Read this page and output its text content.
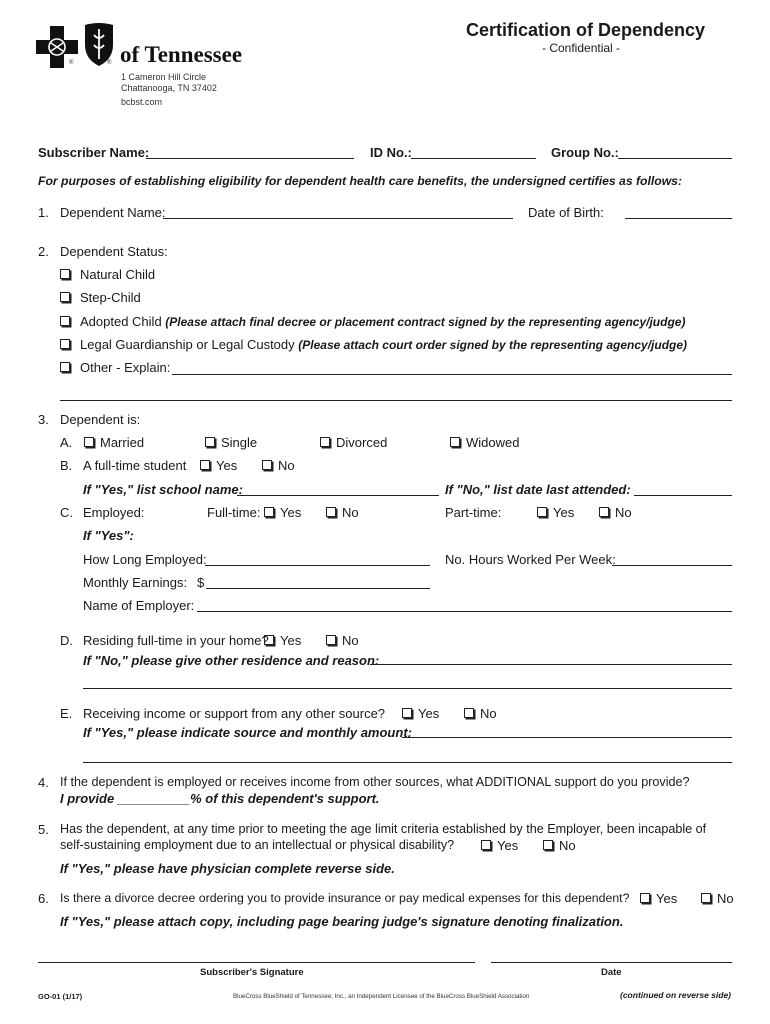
®	® of Tennessee
1 Cameron Hill Circle
Chattanooga, TN 37402
bcbst.com
Certification of Dependency
- Confidential -
Subscriber Name:	ID No.:	Group No.:
For purposes of establishing eligibility for dependent health care benefits, the undersigned certifies as follows:
1. Dependent Name:	Date of Birth:
2. Dependent Status:
Natural Child
Step-Child
Adopted Child (Please attach final decree or placement contract signed by the representing agency/judge)
Legal Guardianship or Legal Custody (Please attach court order signed by the representing agency/judge)
Other - Explain:
3. Dependent is:
A.	Married	Single	Divorced	Widowed
B. A full-time student	Yes	No
If "Yes," list school name:	If "No," list date last attended:
C. Employed:	Full-time:	Yes	No	Part-time:	Yes	No
If "Yes":
How Long Employed:	No. Hours Worked Per Week:
Monthly Earnings: $
Name of Employer:
D. Residing full-time in your home? Yes	No
If "No," please give other residence and reason:
E. Receiving income or support from any other source?	Yes	No
If "Yes," please indicate source and monthly amount:
4. If the dependent is employed or receives income from other sources, what ADDITIONAL support do you provide?
I provide __________% of this dependent's support.
5. Has the dependent, at any time prior to meeting the age limit criteria established by the Employer, been incapable of
self-sustaining employment due to an intellectual or physical disability?	Yes	No
If "Yes," please have physician complete reverse side.
6. Is there a divorce decree ordering you to provide insurance or pay medical expenses for this dependent?	Yes	No
If "Yes," please attach copy, including page bearing judge's signature denoting finalization.
Subscriber's Signature	Date
GO-01 (1/17)	BlueCross BlueShield of Tennessee, Inc., an Independent Licensee of the BlueCross BlueShield Association	(continued on reverse side)
